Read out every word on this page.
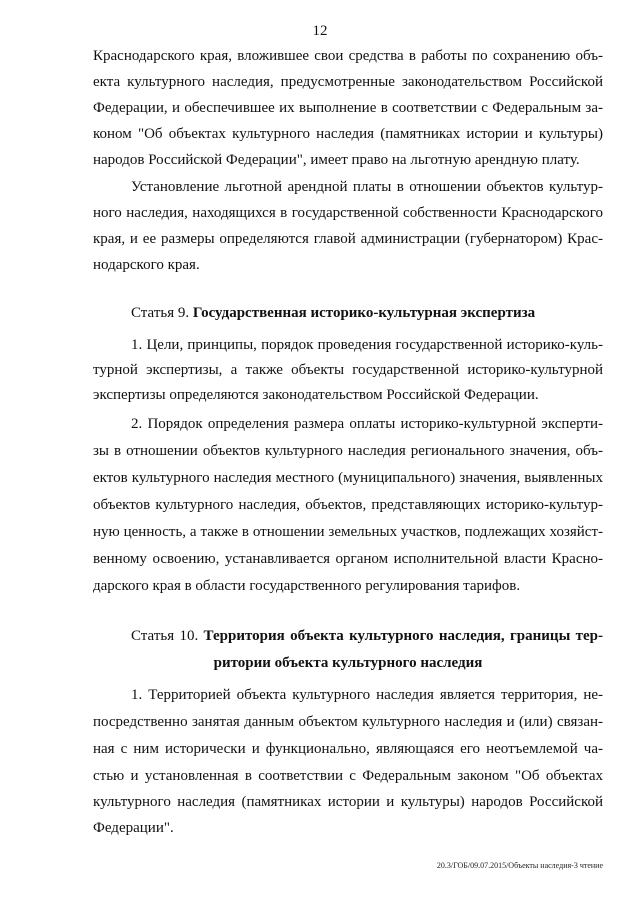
12
Краснодарского края, вложившее свои средства в работы по сохранению объ-
екта культурного наследия, предусмотренные законодательством Российской
Федерации, и обеспечившее их выполнение в соответствии с Федеральным за-
коном "Об объектах культурного наследия (памятниках истории и культуры)
народов Российской Федерации", имеет право на льготную арендную плату.
Установление льготной арендной платы в отношении объектов культур-
ного наследия, находящихся в государственной собственности Краснодарского
края, и ее размеры определяются главой администрации (губернатором) Крас-
нодарского края.
Статья 9. Государственная историко-культурная экспертиза
1. Цели, принципы, порядок проведения государственной историко-куль-
турной экспертизы, а также объекты государственной историко-культурной
экспертизы определяются законодательством Российской Федерации.
2. Порядок определения размера оплаты историко-культурной эксперти-
зы в отношении объектов культурного наследия регионального значения, объ-
ектов культурного наследия местного (муниципального) значения, выявленных
объектов культурного наследия, объектов, представляющих историко-культур-
ную ценность, а также в отношении земельных участков, подлежащих хозяйст-
венному освоению, устанавливается органом исполнительной власти Красно-
дарского края в области государственного регулирования тарифов.
Статья 10. Территория объекта культурного наследия, границы тер-
ритории объекта культурного наследия
1. Территорией объекта культурного наследия является территория, не-
посредственно занятая данным объектом культурного наследия и (или) связан-
ная с ним исторически и функционально, являющаяся его неотъемлемой ча-
стью и установленная в соответствии с Федеральным законом "Об объектах
культурного наследия (памятниках истории и культуры) народов Российской
Федерации".
20.3/ГОБ/09.07.2015/Объекты наследия-3 чтение
